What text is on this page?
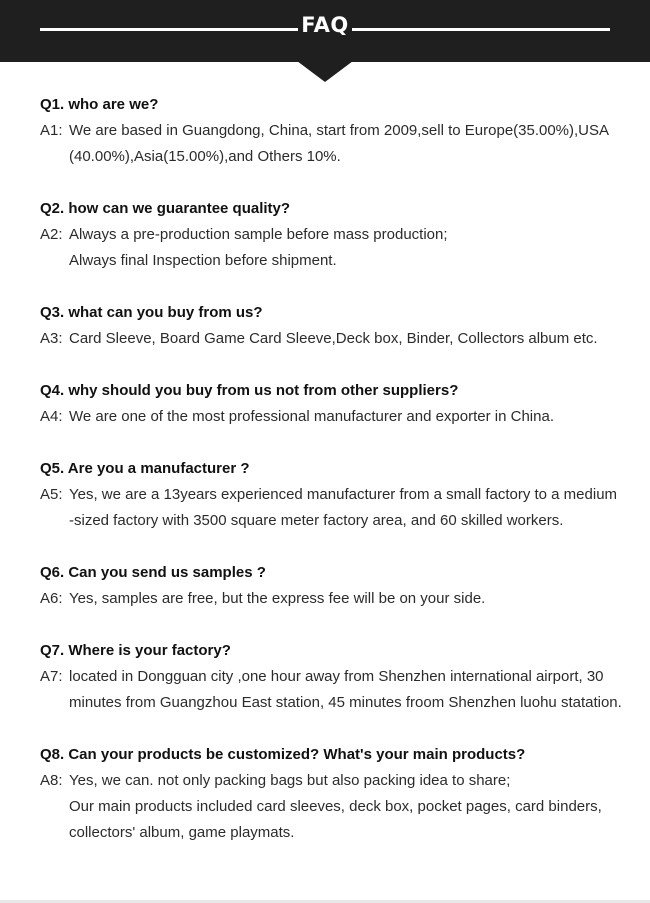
FAQ
Q1. who are we?
A1: We are based in Guangdong, China, start from 2009,sell to Europe(35.00%),USA
(40.00%),Asia(15.00%),and Others 10%.
Q2. how can we guarantee quality?
A2: Always a pre-production sample before mass production;
Always final Inspection before shipment.
Q3. what can you buy from us?
A3: Card Sleeve, Board Game Card Sleeve,Deck box, Binder, Collectors album etc.
Q4. why should you buy from us not from other suppliers?
A4: We are one of the most professional manufacturer and exporter in China.
Q5. Are you a manufacturer ?
A5: Yes, we are a 13years experienced manufacturer from a small factory to a medium
-sized factory with 3500 square meter factory area, and 60 skilled workers.
Q6. Can you send us samples ?
A6: Yes, samples are free, but the express fee will be on your side.
Q7. Where is your factory?
A7: located in Dongguan city ,one hour away from Shenzhen international airport, 30
minutes from Guangzhou East station, 45 minutes froom Shenzhen luohu statation.
Q8. Can your products be customized? What's your main products?
A8: Yes, we can. not only packing bags but also packing idea to share;
Our main products included card sleeves, deck box, pocket pages, card binders,
collectors' album, game playmats.
